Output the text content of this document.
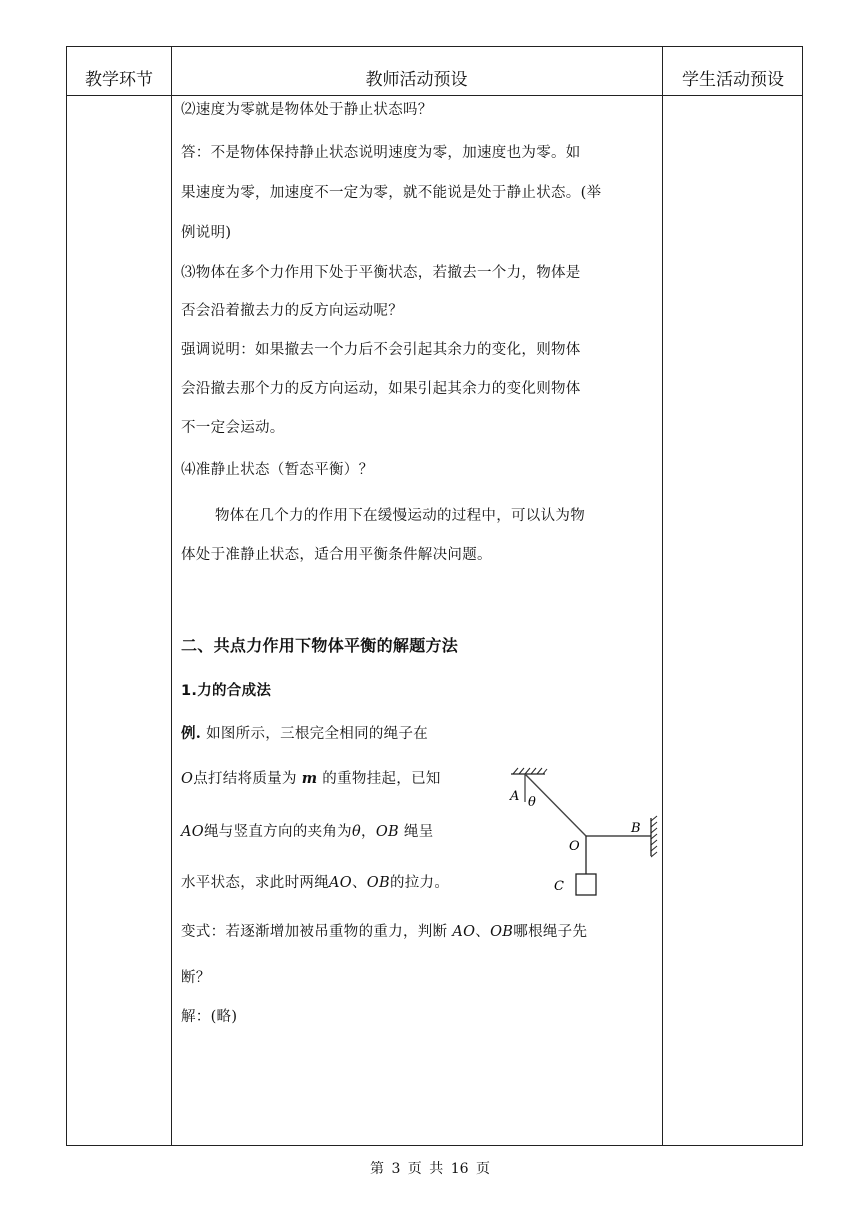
教学环节	教师活动预设	学生活动预设
⑵速度为零就是物体处于静止状态吗？
答：不是物体保持静止状态说明速度为零，加速度也为零。如
果速度为零，加速度不一定为零，就不能说是处于静止状态。(举
例说明)
⑶物体在多个力作用下处于平衡状态，若撤去一个力，物体是
否会沿着撤去力的反方向运动呢？
强调说明：如果撤去一个力后不会引起其余力的变化，则物体
会沿撤去那个力的反方向运动，如果引起其余力的变化则物体
不一定会运动。
⑷准静止状态（暂态平衡）？
物体在几个力的作用下在缓慢运动的过程中，可以认为物
体处于准静止状态，适合用平衡条件解决问题。
二、共点力作用下物体平衡的解题方法
1.力的合成法
例. 如图所示，三根完全相同的绳子在
O点打结将质量为 m 的重物挂起，已知
AO绳与竖直方向的夹角为θ，OB 绳呈
水平状态，求此时两绳AO、OB的拉力。
变式：若逐渐增加被吊重物的重力，判断 AO、OB哪根绳子先
断？
解：(略)
A θ
B
O
C
第 3 页 共 16 页
